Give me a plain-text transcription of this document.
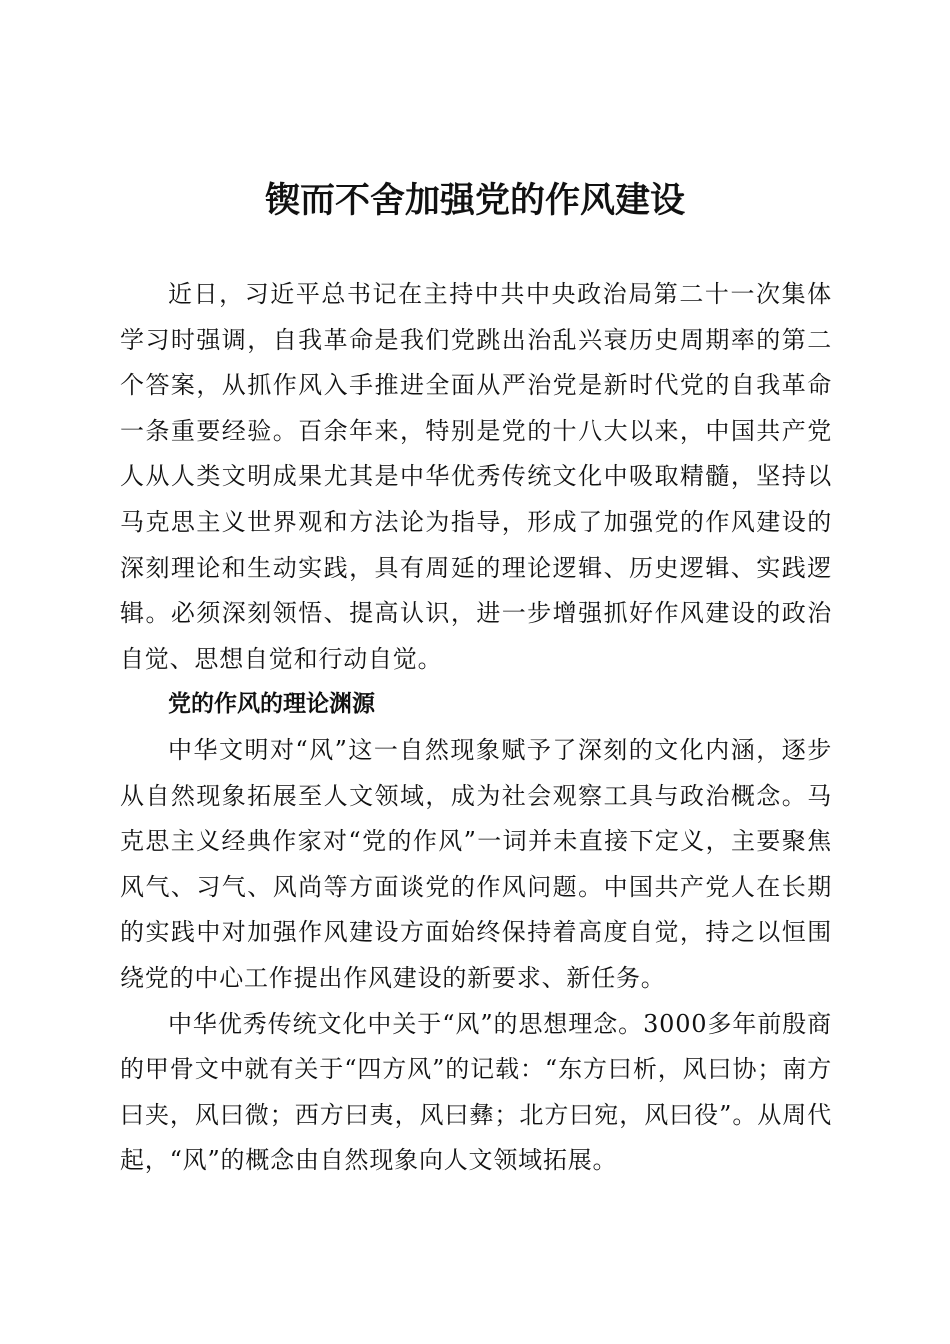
锲而不舍加强党的作风建设

近日，习近平总书记在主持中共中央政治局第二十一次集体学习时强调，自我革命是我们党跳出治乱兴衰历史周期率的第二个答案，从抓作风入手推进全面从严治党是新时代党的自我革命一条重要经验。百余年来，特别是党的十八大以来，中国共产党人从人类文明成果尤其是中华优秀传统文化中吸取精髓，坚持以马克思主义世界观和方法论为指导，形成了加强党的作风建设的深刻理论和生动实践，具有周延的理论逻辑、历史逻辑、实践逻辑。必须深刻领悟、提高认识，进一步增强抓好作风建设的政治自觉、思想自觉和行动自觉。

党的作风的理论渊源

中华文明对“风”这一自然现象赋予了深刻的文化内涵，逐步从自然现象拓展至人文领域，成为社会观察工具与政治概念。马克思主义经典作家对“党的作风”一词并未直接下定义，主要聚焦风气、习气、风尚等方面谈党的作风问题。中国共产党人在长期的实践中对加强作风建设方面始终保持着高度自觉，持之以恒围绕党的中心工作提出作风建设的新要求、新任务。

中华优秀传统文化中关于“风”的思想理念。3000多年前殷商的甲骨文中就有关于“四方风”的记载：“东方曰析，风曰协；南方曰夹，风曰微；西方曰夷，风曰彝；北方曰宛，风曰役”。从周代起，“风”的概念由自然现象向人文领域拓展。
